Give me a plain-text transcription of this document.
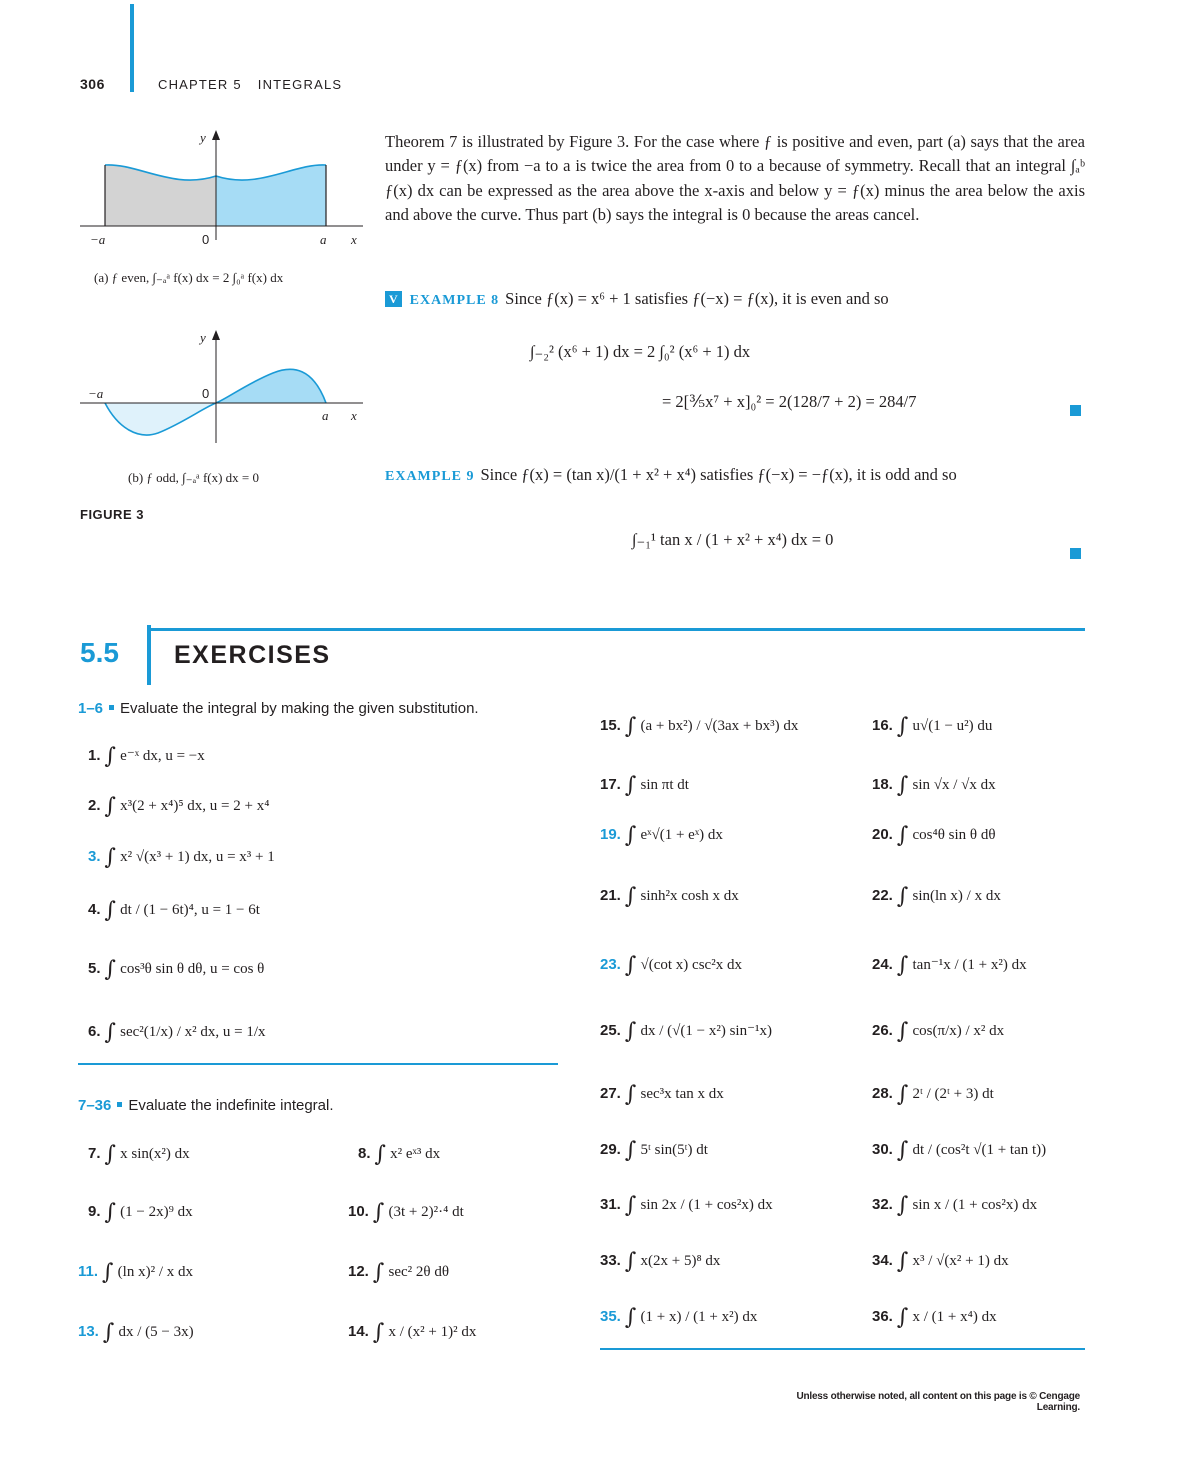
306	CHAPTER 5 INTEGRALS
y
−a	0	a x
(a) ƒ even, ∫₋ₐᵃ f(x) dx = 2 ∫₀ᵃ f(x) dx
y
−a	0
a x
(b) ƒ odd, ∫₋ₐᵃ f(x) dx = 0
FIGURE 3
Theorem 7 is illustrated by Figure 3. For the case where ƒ is positive and even, part (a) says that the area under y = ƒ(x) from −a to a is twice the area from 0 to a because of symmetry. Recall that an integral ∫ₐᵇ ƒ(x) dx can be expressed as the area above the x-axis and below y = ƒ(x) minus the area below the axis and above the curve. Thus part (b) says the integral is 0 because the areas cancel.
V EXAMPLE 8 Since ƒ(x) = x⁶ + 1 satisfies ƒ(−x) = ƒ(x), it is even and so
∫₋₂² (x⁶ + 1) dx = 2 ∫₀² (x⁶ + 1) dx
= 2[⅗x⁷ + x]₀² = 2(128/7 + 2) = 284/7
EXAMPLE 9 Since ƒ(x) = (tan x)/(1 + x² + x⁴) satisfies ƒ(−x) = −ƒ(x), it is odd and so
∫₋₁¹ tan x / (1 + x² + x⁴) dx = 0
5.5 EXERCISES
1–6 Evaluate the integral by making the given substitution.
7–36 Evaluate the indefinite integral.
1. ∫ e⁻ˣ dx, u = −x
2. ∫ x³(2 + x⁴)⁵ dx, u = 2 + x⁴
3. ∫ x² √(x³ + 1) dx, u = x³ + 1
4. ∫ dt / (1 − 6t)⁴, u = 1 − 6t
5. ∫ cos³θ sin θ dθ, u = cos θ
6. ∫ sec²(1/x) / x² dx, u = 1/x
7. ∫ x sin(x²) dx	8. ∫ x² eˣ³ dx
9. ∫ (1 − 2x)⁹ dx	10. ∫ (3t + 2)²·⁴ dt
11. ∫ (ln x)² / x dx	12. ∫ sec² 2θ dθ
13. ∫ dx / (5 − 3x)	14. ∫ x / (x² + 1)² dx
15. ∫ (a + bx²) / √(3ax + bx³) dx	16. ∫ u√(1 − u²) du
17. ∫ sin πt dt	18. ∫ sin √x / √x dx
19. ∫ eˣ√(1 + eˣ) dx	20. ∫ cos⁴θ sin θ dθ
21. ∫ sinh²x cosh x dx	22. ∫ sin(ln x) / x dx
23. ∫ √(cot x) csc²x dx	24. ∫ tan⁻¹x / (1 + x²) dx
25. ∫ dx / (√(1 − x²) sin⁻¹x)	26. ∫ cos(π/x) / x² dx
27. ∫ sec³x tan x dx	28. ∫ 2ᵗ / (2ᵗ + 3) dt
29. ∫ 5ᵗ sin(5ᵗ) dt	30. ∫ dt / (cos²t √(1 + tan t))
31. ∫ sin 2x / (1 + cos²x) dx	32. ∫ sin x / (1 + cos²x) dx
33. ∫ x(2x + 5)⁸ dx	34. ∫ x³ / √(x² + 1) dx
35. ∫ (1 + x) / (1 + x²) dx	36. ∫ x / (1 + x⁴) dx
Unless otherwise noted, all content on this page is © Cengage Learning.
